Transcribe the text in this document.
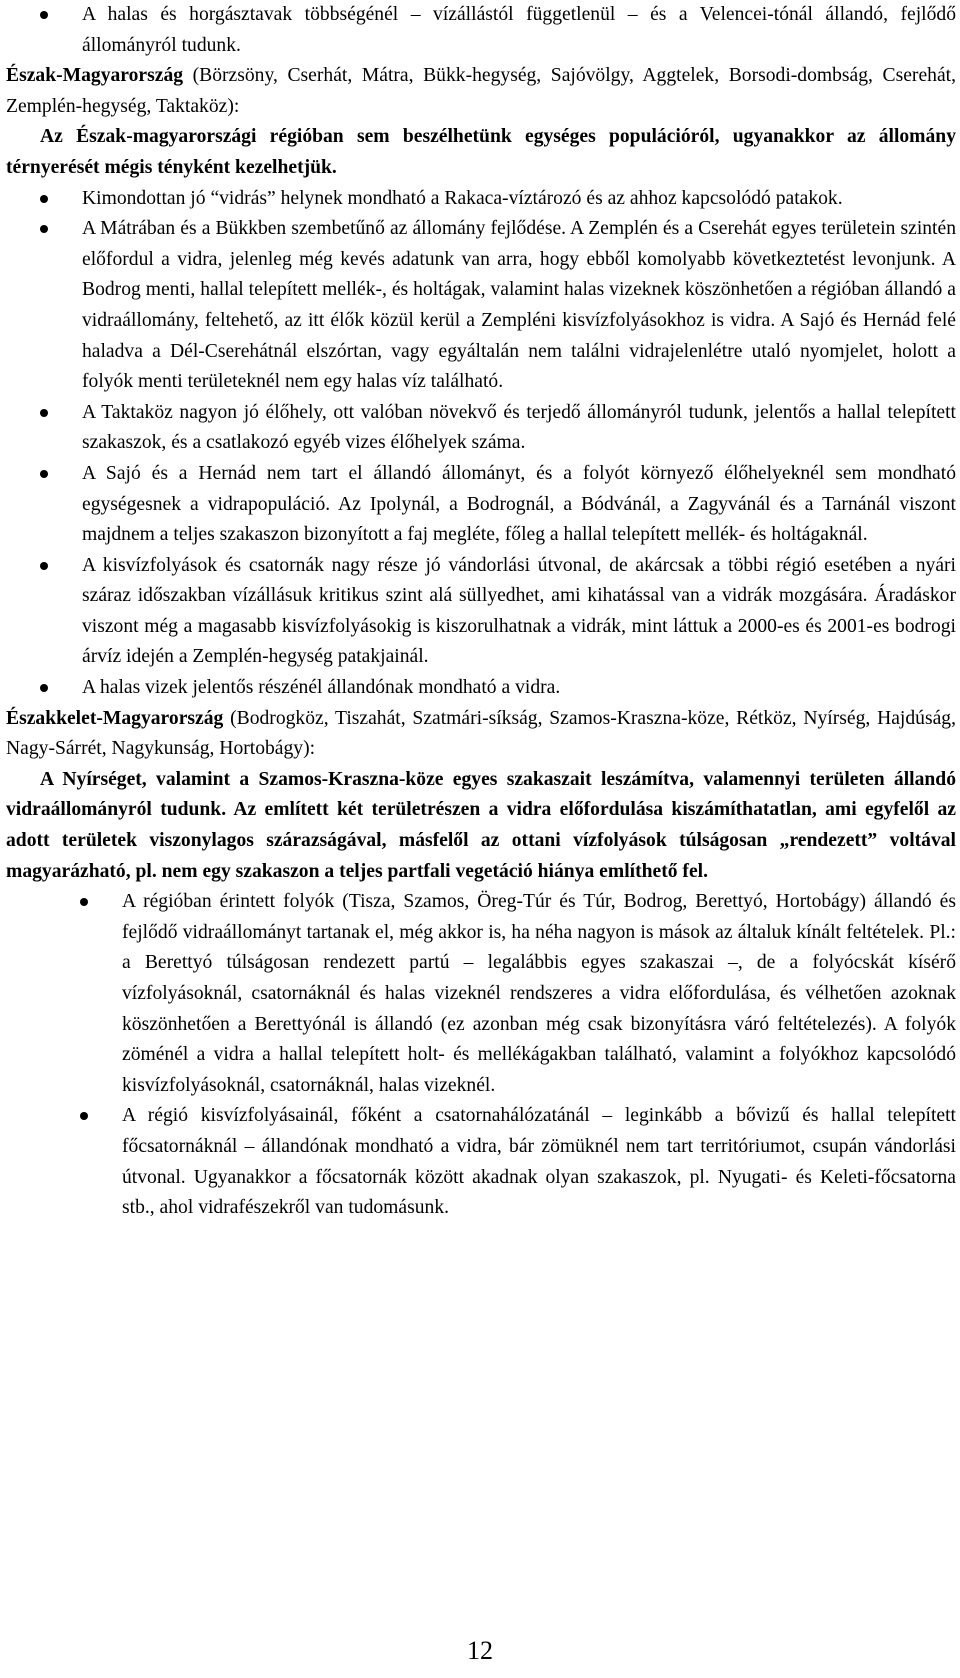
A halas és horgásztavak többségénél – vízállástól függetlenül – és a Velencei-tónál állandó, fejlődő állományról tudunk.

Észak-Magyarország (Börzsöny, Cserhát, Mátra, Bükk-hegység, Sajóvölgy, Aggtelek, Borsodi-dombság, Cserehát, Zemplén-hegység, Taktaköz):

Az Észak-magyarországi régióban sem beszélhetünk egységes populációról, ugyanakkor az állomány térnyerését mégis tényként kezelhetjük.

Kimondottan jó “vidrás” helynek mondható a Rakaca-víztározó és az ahhoz kapcsolódó patakok.
A Mátrában és a Bükkben szembetűnő az állomány fejlődése. A Zemplén és a Cserehát egyes területein szintén előfordul a vidra, jelenleg még kevés adatunk van arra, hogy ebből komolyabb következtetést levonjunk. A Bodrog menti, hallal telepített mellék-, és holtágak, valamint halas vizeknek köszönhetően a régióban állandó a vidraállomány, feltehető, az itt élők közül kerül a Zempléni kisvízfolyásokhoz is vidra. A Sajó és Hernád felé haladva a Dél-Cserehátnál elszórtan, vagy egyáltalán nem találni vidrajelenlétre utaló nyomjelet, holott a folyók menti területeknél nem egy halas víz található.
A Taktaköz nagyon jó élőhely, ott valóban növekvő és terjedő állományról tudunk, jelentős a hallal telepített szakaszok, és a csatlakozó egyéb vizes élőhelyek száma.
A Sajó és a Hernád nem tart el állandó állományt, és a folyót környező élőhelyeknél sem mondható egységesnek a vidrapopuláció. Az Ipolynál, a Bodrognál, a Bódvánál, a Zagyvánál és a Tarnánál viszont majdnem a teljes szakaszon bizonyított a faj megléte, főleg a hallal telepített mellék- és holtágaknál.
A kisvízfolyások és csatornák nagy része jó vándorlási útvonal, de akárcsak a többi régió esetében a nyári száraz időszakban vízállásuk kritikus szint alá süllyedhet, ami kihatással van a vidrák mozgására. Áradáskor viszont még a magasabb kisvízfolyásokig is kiszorulhatnak a vidrák, mint láttuk a 2000-es és 2001-es bodrogi árvíz idején a Zemplén-hegység patakjainál.
A halas vizek jelentős részénél állandónak mondható a vidra.

Északkelet-Magyarország (Bodrogköz, Tiszahát, Szatmári-síkság, Szamos-Kraszna-köze, Rétköz, Nyírség, Hajdúság, Nagy-Sárrét, Nagykunság, Hortobágy):

A Nyírséget, valamint a Szamos-Kraszna-köze egyes szakaszait leszámítva, valamennyi területen állandó vidraállományról tudunk. Az említett két területrészen a vidra előfordulása kiszámíthatatlan, ami egyfelől az adott területek viszonylagos szárazságával, másfelől az ottani vízfolyások túlságosan „rendezett” voltával magyarázható, pl. nem egy szakaszon a teljes partfali vegetáció hiánya említhető fel.

A régióban érintett folyók (Tisza, Szamos, Öreg-Túr és Túr, Bodrog, Berettyó, Hortobágy) állandó és fejlődő vidraállományt tartanak el, még akkor is, ha néha nagyon is mások az általuk kínált feltételek. Pl.: a Berettyó túlságosan rendezett partú – legalábbis egyes szakaszai –, de a folyócskát kísérő vízfolyásoknál, csatornáknál és halas vizeknél rendszeres a vidra előfordulása, és vélhetően azoknak köszönhetően a Berettyónál is állandó (ez azonban még csak bizonyításra váró feltételezés). A folyók zöménél a vidra a hallal telepített holt- és mellékágakban található, valamint a folyókhoz kapcsolódó kisvízfolyásoknál, csatornáknál, halas vizeknél.
A régió kisvízfolyásainál, főként a csatornahálózatánál – leginkább a bővizű és hallal telepített főcsatornáknál – állandónak mondható a vidra, bár zömüknél nem tart territóriumot, csupán vándorlási útvonal. Ugyanakkor a főcsatornák között akadnak olyan szakaszok, pl. Nyugati- és Keleti-főcsatorna stb., ahol vidrafészekről van tudomásunk.
12
